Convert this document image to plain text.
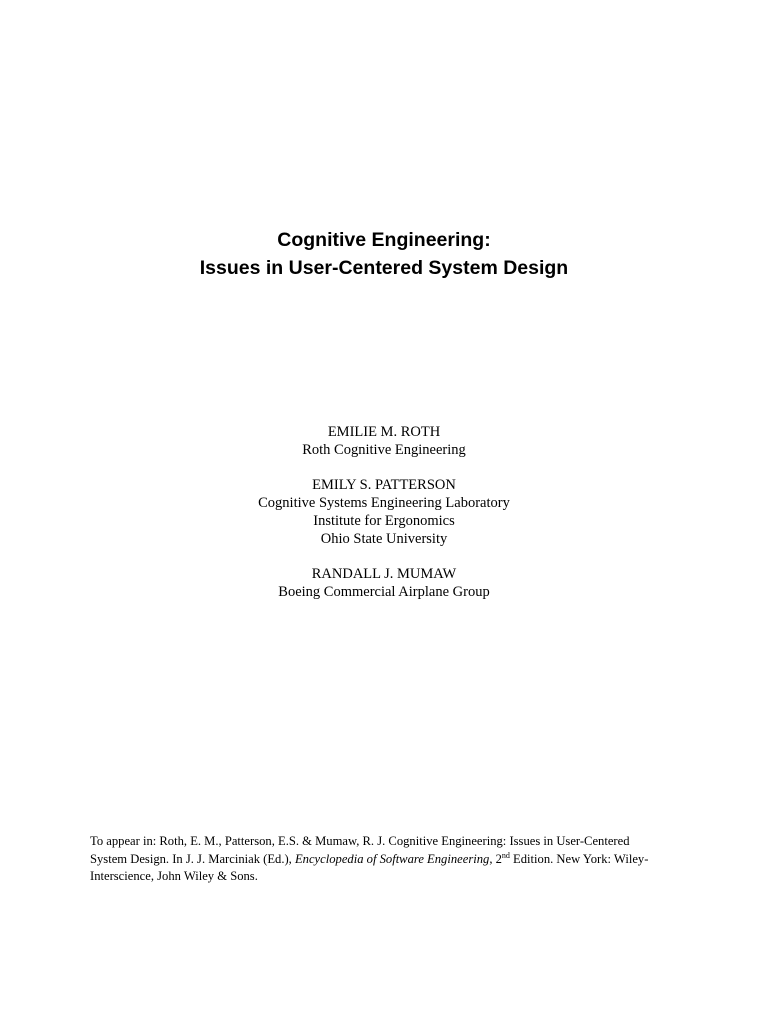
Cognitive Engineering:
Issues in User-Centered System Design
EMILIE M. ROTH
Roth Cognitive Engineering
EMILY S. PATTERSON
Cognitive Systems Engineering Laboratory
Institute for Ergonomics
Ohio State University
RANDALL J. MUMAW
Boeing Commercial Airplane Group
To appear in: Roth, E. M., Patterson, E.S. & Mumaw, R. J. Cognitive Engineering: Issues in User-Centered
System Design. In J. J. Marciniak (Ed.), Encyclopedia of Software Engineering, 2nd Edition. New York: Wiley-
Interscience, John Wiley & Sons.
